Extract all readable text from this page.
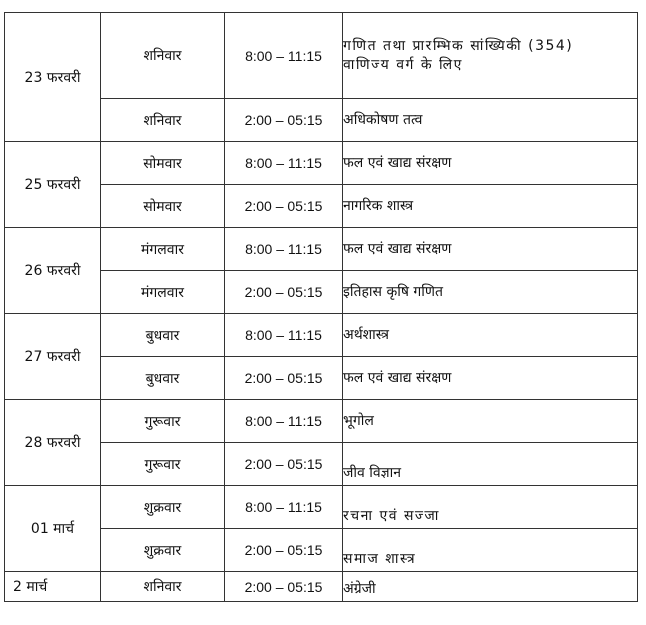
23 फरवरी	शनिवार	8:00 – 11:15	गणित तथा प्रारम्भिक सांख्यिकी (354)
वाणिज्य वर्ग के लिए

	शनिवार	2:00 – 05:15	अधिकोषण तत्व
25 फरवरी	सोमवार	8:00 – 11:15	फल एवं खाद्य संरक्षण
	सोमवार	2:00 – 05:15	नागरिक शास्त्र
26 फरवरी	मंगलवार	8:00 – 11:15	फल एवं खाद्य संरक्षण
	मंगलवार	2:00 – 05:15	इतिहास कृषि गणित
27 फरवरी	बुधवार	8:00 – 11:15	अर्थशास्त्र
	बुधवार	2:00 – 05:15	फल एवं खाद्य संरक्षण
28 फरवरी	गुरूवार	8:00 – 11:15	भूगोल
	गुरूवार	2:00 – 05:15	जीव विज्ञान
01 मार्च	शुक्रवार	8:00 – 11:15	रचना एवं सज्जा
	शुक्रवार	2:00 – 05:15	समाज शास्त्र
2 मार्च	शनिवार	2:00 – 05:15	अंग्रेजी
